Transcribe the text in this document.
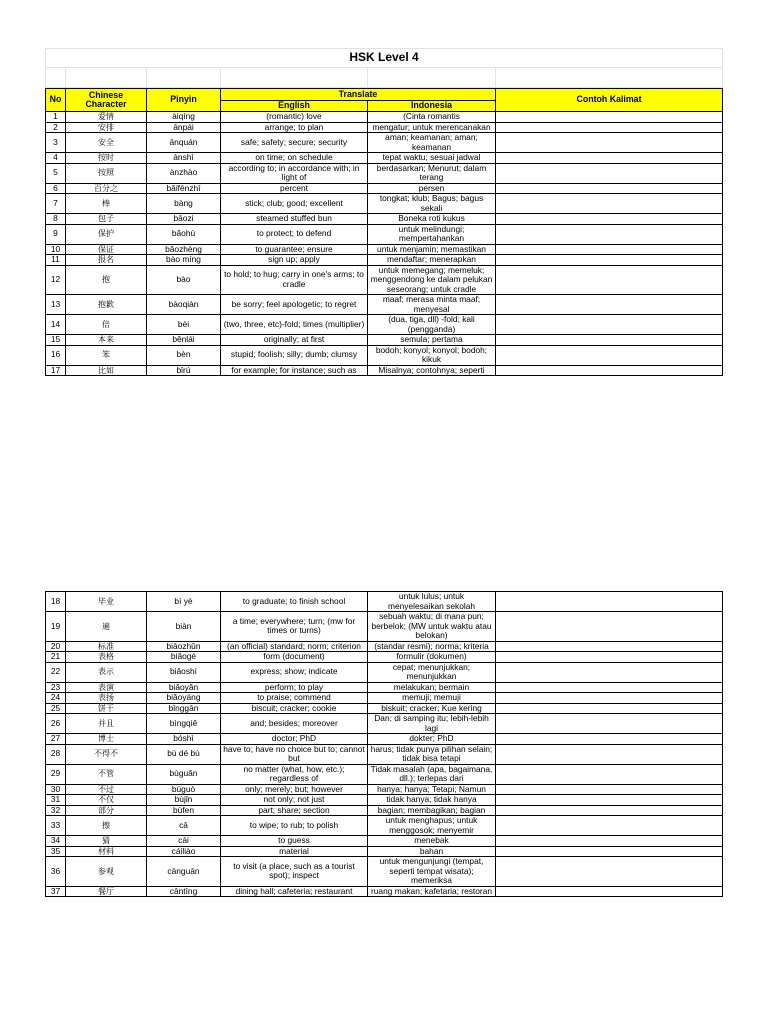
HSK Level 4

No	Chinese Character	Pinyin	Translate		Contoh Kalimat
			English	Indonesia	
1	爱情	àiqíng	(romantic) love	(Cinta romantis	
2	安排	ānpái	arrange; to plan	mengatur; untuk merencanakan	
3	安全	ānquán	safe; safety; secure; security	aman; keamanan; aman; keamanan	
4	按时	ànshí	on time; on schedule	tepat waktu; sesuai jadwal	
5	按照	ànzhào	according to; in accordance with; in light of	berdasarkan; Menurut; dalam terang	
6	百分之	bǎifēnzhī	percent	persen	
7	棒	bàng	stick; club; good; excellent	tongkat; klub; Bagus; bagus sekali	
8	包子	bāozi	steamed stuffed bun	Boneka roti kukus	
9	保护	bǎohù	to protect; to defend	untuk melindungi; mempertahankan	
10	保证	bǎozhèng	to guarantee; ensure	untuk menjamin; memastikan	
11	报名	bào míng	sign up; apply	mendaftar; menerapkan	
12	抱	bào	to hold; to hug; carry in one's arms; to cradle	untuk memegang; memeluk; menggendong ke dalam pelukan seseorang; untuk cradle	
13	抱歉	bàoqiàn	be sorry; feel apologetic; to regret	maaf; merasa minta maaf; menyesal	
14	倍	bèi	(two, three, etc)-fold; times (multiplier)	(dua, tiga, dll) -fold; kali (pengganda)	
15	本来	běnlái	originally; at first	semula; pertama	
16	笨	bèn	stupid; foolish; silly; dumb; clumsy	bodoh; konyol; konyol; bodoh; kikuk	
17	比如	bǐrú	for example; for instance; such as	Misalnya; contohnya; seperti	
18	毕业	bì yè	to graduate; to finish school	untuk lulus; untuk menyelesaikan sekolah	
19	遍	biàn	a time; everywhere; turn; (mw for times or turns)	sebuah waktu; di mana pun; berbelok; (MW untuk waktu atau belokan)	
20	标准	biāozhǔn	(an official) standard; norm; criterion	(standar resmi); norma; kriteria	
21	表格	biǎogé	form (document)	formulir (dokumen)	
22	表示	biǎoshì	express; show; indicate	cepat; menunjukkan; menunjukkan	
23	表演	biǎoyǎn	perform; to play	melakukan; bermain	
24	表扬	biǎoyáng	to praise; commend	memuji; memuji	
25	饼干	bǐnggān	biscuit; cracker; cookie	biskuit; cracker; Kue kering	
26	并且	bìngqiě	and; besides; moreover	Dan; di samping itu; lebih-lebih lagi	
27	博士	bóshì	doctor; PhD	dokter; PhD	
28	不得不	bù dé bù	have to; have no choice but to; cannot but	harus; tidak punya pilihan selain; tidak bisa tetapi	
29	不管	bùguǎn	no matter (what, how, etc.); regardless of	Tidak masalah (apa, bagaimana, dll.); terlepas dari	
30	不过	búguò	only; merely; but; however	hanya; hanya; Tetapi; Namun	
31	不仅	bùjǐn	not only; not just	tidak hanya; tidak hanya	
32	部分	bùfen	part; share; section	bagian; membagikan; bagian	
33	擦	cā	to wipe; to rub; to polish	untuk menghapus; untuk menggosok; menyemir	
34	猜	cāi	to guess	menebak	
35	材料	cáiliào	material	bahan	
36	参观	cānguān	to visit (a place, such as a tourist spot); inspect	untuk mengunjungi (tempat, seperti tempat wisata); memeriksa	
37	餐厅	cāntīng	dining hall; cafeteria; restaurant	ruang makan; kafetaria; restoran	
